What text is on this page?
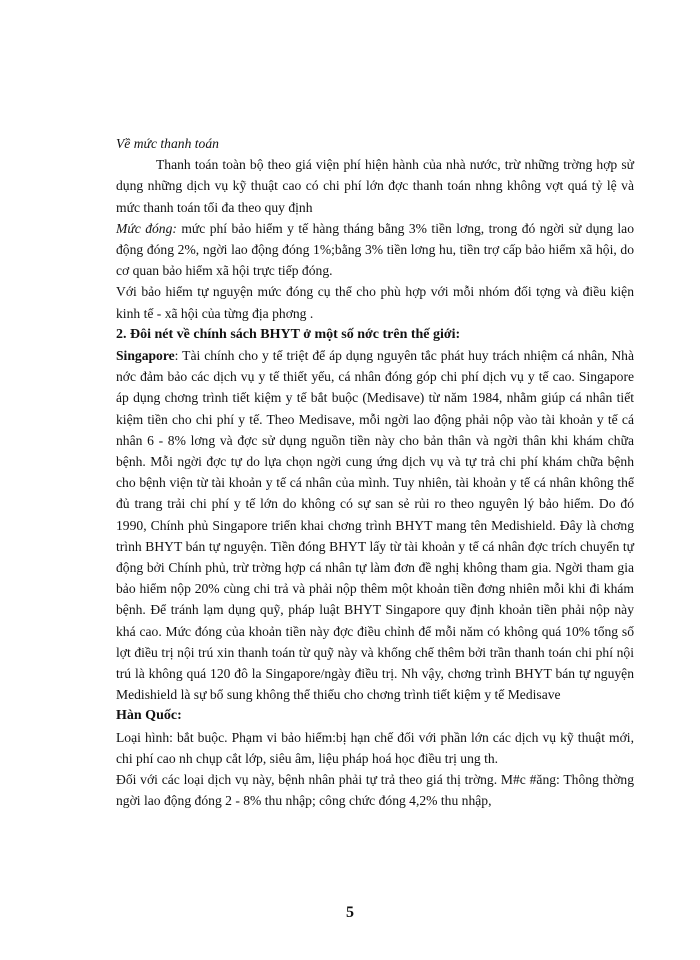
Về mức thanh toán

Thanh toán toàn bộ theo giá viện phí hiện hành của nhà nước, trừ những trờng hợp sử dụng những dịch vụ kỹ thuật cao có chi phí lớn đợc thanh toán nhng không vợt quá tỷ lệ và mức thanh toán tối đa theo quy định

Mức đóng: mức phí bảo hiểm y tế hàng tháng bằng 3% tiền lơng, trong đó ngời sử dụng lao động đóng 2%, ngời lao động đóng 1%;bằng 3% tiền lơng hu, tiền trợ cấp bảo hiểm xã hội, do cơ quan bảo hiểm xã hội trực tiếp đóng.

Với bảo hiểm tự nguyện mức đóng cụ thể cho phù hợp với mỗi nhóm đối tợng và điều kiện kinh tế - xã hội của từng địa phơng .

2. Đôi nét về chính sách BHYT ở một số nớc trên thế giới:

Singapore: Tài chính cho y tế triệt để áp dụng nguyên tắc phát huy trách nhiệm cá nhân, Nhà nớc đảm bảo các dịch vụ y tế thiết yếu, cá nhân đóng góp chi phí dịch vụ y tế cao. Singapore áp dụng chơng trình tiết kiệm y tế bắt buộc (Medisave) từ năm 1984, nhằm giúp cá nhân tiết kiệm tiền cho chi phí y tế. Theo Medisave, mỗi ngời lao động phải nộp vào tài khoản y tế cá nhân 6 - 8% lơng và đợc sử dụng nguồn tiền này cho bản thân và ngời thân khi khám chữa bệnh. Mỗi ngời đợc tự do lựa chọn ngời cung ứng dịch vụ và tự trả chi phí khám chữa bệnh cho bệnh viện từ tài khoản y tế cá nhân của mình. Tuy nhiên, tài khoản y tế cá nhân không thể đủ trang trải chi phí y tế lớn do không có sự san sẻ rủi ro theo nguyên lý bảo hiểm. Do đó 1990, Chính phủ Singapore triển khai chơng trình BHYT mang tên Medishield. Đây là chơng trình BHYT bán tự nguyện. Tiền đóng BHYT lấy từ tài khoản y tế cá nhân đợc trích chuyển tự động bởi Chính phủ, trừ trờng hợp cá nhân tự làm đơn đề nghị không tham gia. Ngời tham gia bảo hiểm nộp 20% cùng chi trả và phải nộp thêm một khoản tiền đơng nhiên mỗi khi đi khám bệnh. Để tránh lạm dụng quỹ, pháp luật BHYT Singapore quy định khoản tiền phải nộp này khá cao. Mức đóng của khoản tiền này đợc điều chỉnh để mỗi năm có không quá 10% tổng số lợt điều trị nội trú xin thanh toán từ quỹ này và khống chế thêm bởi trần thanh toán chi phí nội trú là không quá 120 đô la Singapore/ngày điều trị. Nh vậy, chơng trình BHYT bán tự nguyện Medishield là sự bổ sung không thể thiếu cho chơng trình tiết kiệm y tế Medisave

Hàn Quốc:

Loại hình: bắt buộc. Phạm vi bảo hiểm:bị hạn chế đối với phần lớn các dịch vụ kỹ thuật mới, chi phí cao nh chụp cắt lớp, siêu âm, liệu pháp hoá học điều trị ung th.

Đối với các loại dịch vụ này, bệnh nhân phải tự trả theo giá thị trờng. M#c #ăng: Thông thờng ngời lao động đóng 2 - 8% thu nhập; công chức đóng 4,2% thu nhập,

5
